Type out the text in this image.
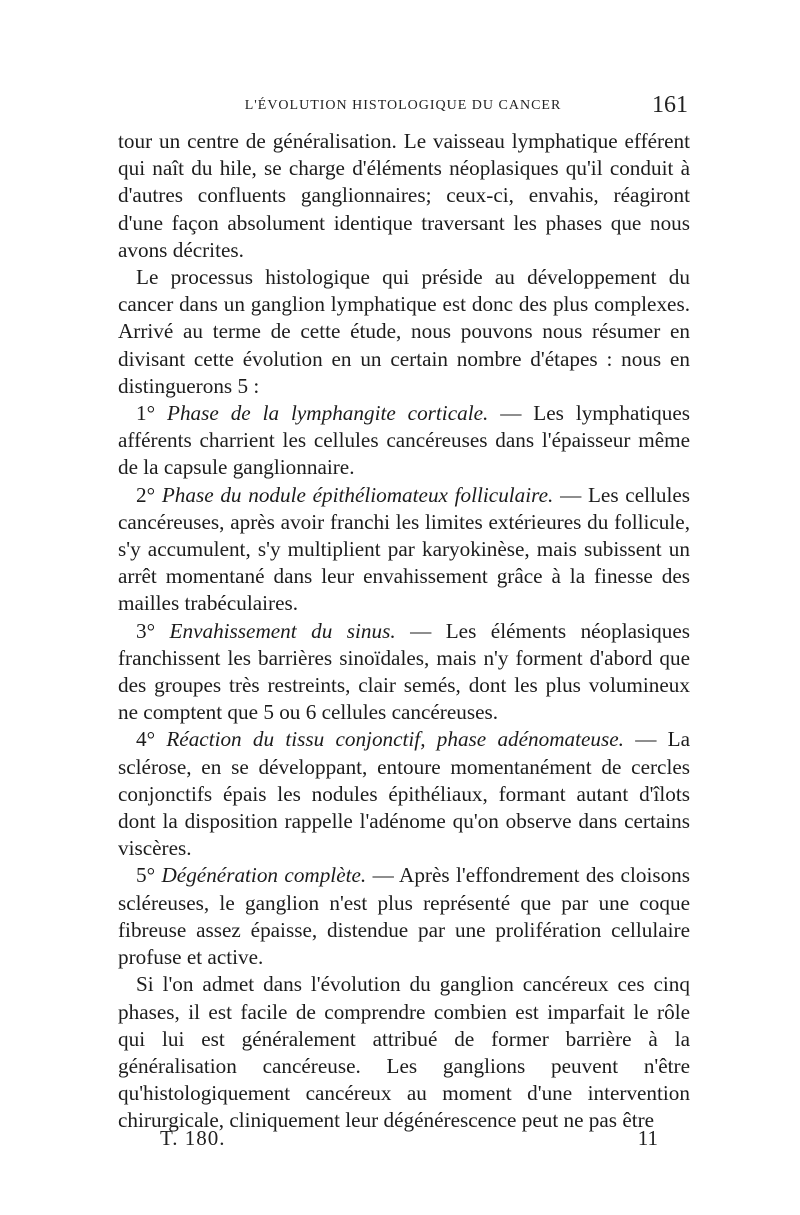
L'ÉVOLUTION HISTOLOGIQUE DU CANCER	161

tour un centre de généralisation. Le vaisseau lymphatique efférent qui naît du hile, se charge d'éléments néoplasiques qu'il conduit à d'autres confluents ganglionnaires; ceux-ci, envahis, réagiront d'une façon absolument identique traversant les phases que nous avons décrites.

Le processus histologique qui préside au développement du cancer dans un ganglion lymphatique est donc des plus complexes. Arrivé au terme de cette étude, nous pouvons nous résumer en divisant cette évolution en un certain nombre d'étapes : nous en distinguerons 5 :

1° Phase de la lymphangite corticale. — Les lymphatiques afférents charrient les cellules cancéreuses dans l'épaisseur même de la capsule ganglionnaire.

2° Phase du nodule épithéliomateux folliculaire. — Les cellules cancéreuses, après avoir franchi les limites extérieures du follicule, s'y accumulent, s'y multiplient par karyokinèse, mais subissent un arrêt momentané dans leur envahissement grâce à la finesse des mailles trabéculaires.

3° Envahissement du sinus. — Les éléments néoplasiques franchissent les barrières sinoïdales, mais n'y forment d'abord que des groupes très restreints, clair semés, dont les plus volumineux ne comptent que 5 ou 6 cellules cancéreuses.

4° Réaction du tissu conjonctif, phase adénomateuse. — La sclérose, en se développant, entoure momentanément de cercles conjonctifs épais les nodules épithéliaux, formant autant d'îlots dont la disposition rappelle l'adénome qu'on observe dans certains viscères.

5° Dégénération complète. — Après l'effondrement des cloisons scléreuses, le ganglion n'est plus représenté que par une coque fibreuse assez épaisse, distendue par une prolifération cellulaire profuse et active.

Si l'on admet dans l'évolution du ganglion cancéreux ces cinq phases, il est facile de comprendre combien est imparfait le rôle qui lui est généralement attribué de former barrière à la généralisation cancéreuse. Les ganglions peuvent n'être qu'histologiquement cancéreux au moment d'une intervention chirurgicale, cliniquement leur dégénérescence peut ne pas être

T. 180.	11
